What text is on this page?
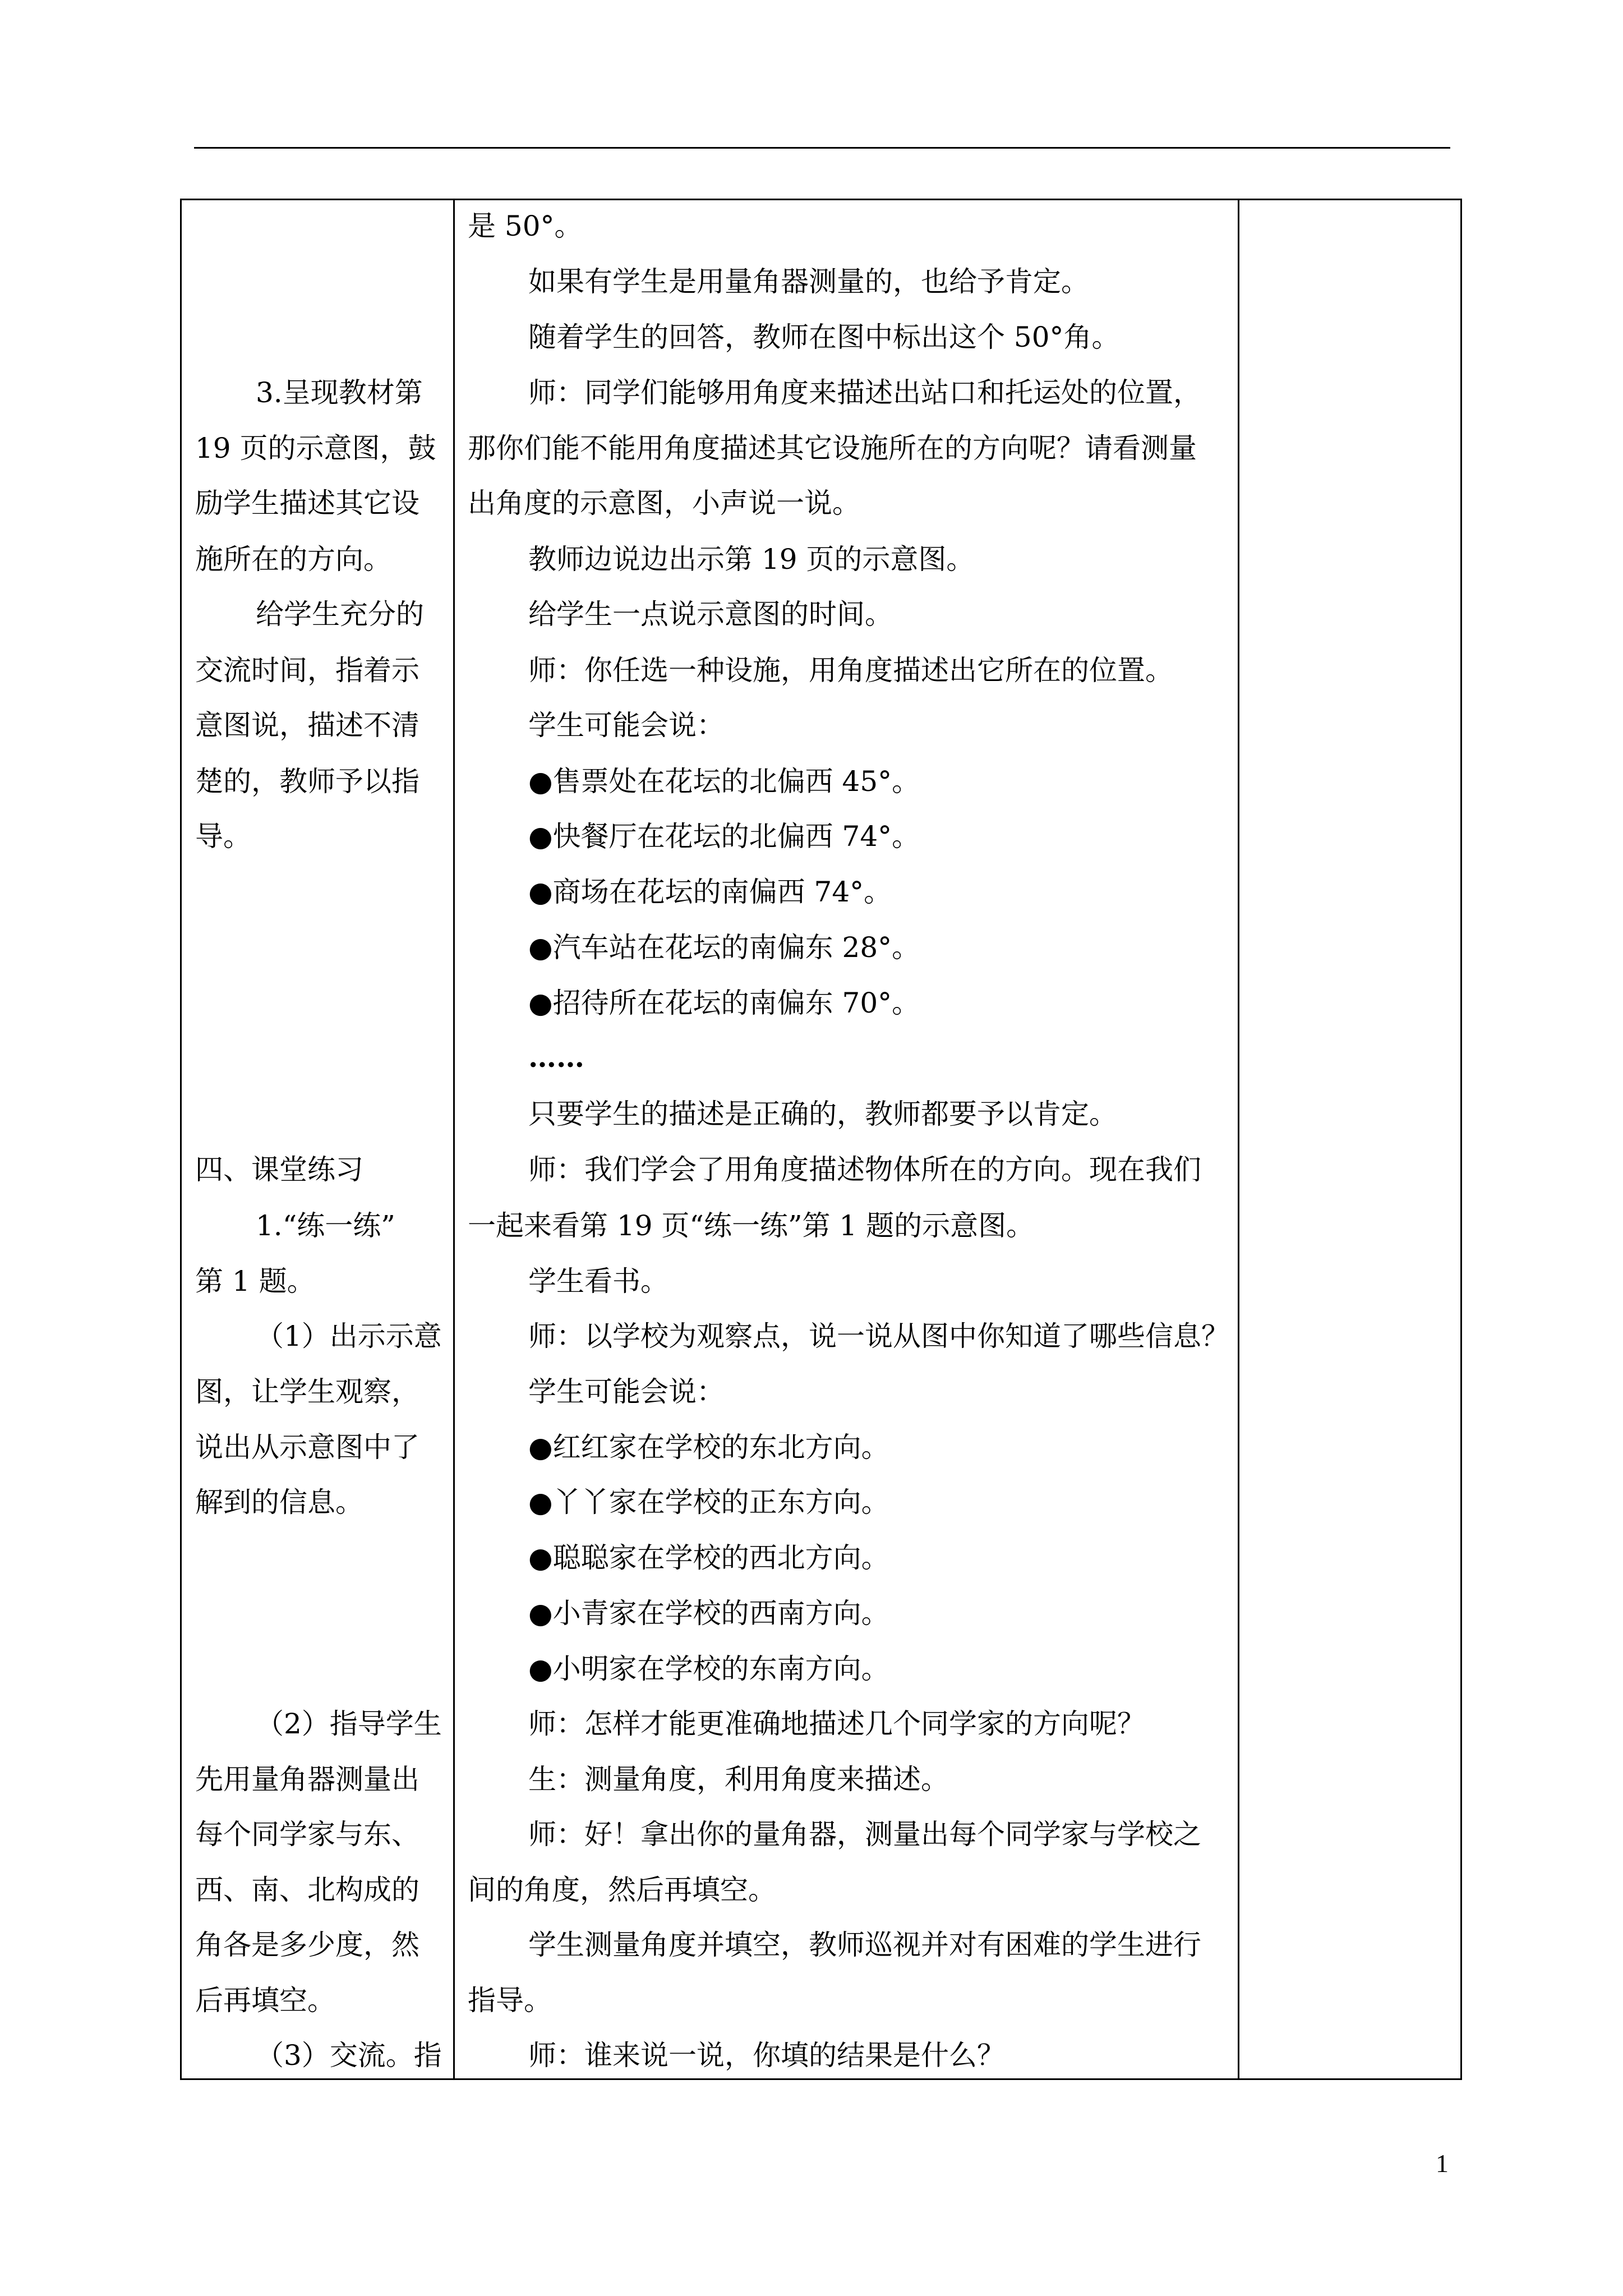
3.呈现教材第
19 页的示意图，鼓
励学生描述其它设
施所在的方向。
给学生充分的
交流时间，指着示
意图说，描述不清
楚的，教师予以指
导。
四、课堂练习
1.“练一练”
第 1 题。
（1）出示示意
图，让学生观察，
说出从示意图中了
解到的信息。
（2）指导学生
先用量角器测量出
每个同学家与东、
西、南、北构成的
角各是多少度，然
后再填空。
（3）交流。指
是 50°。
如果有学生是用量角器测量的，也给予肯定。
随着学生的回答，教师在图中标出这个 50°角。
师：同学们能够用角度来描述出站口和托运处的位置，
那你们能不能用角度描述其它设施所在的方向呢？请看测量
出角度的示意图，小声说一说。
教师边说边出示第 19 页的示意图。
给学生一点说示意图的时间。
师：你任选一种设施，用角度描述出它所在的位置。
学生可能会说：
●售票处在花坛的北偏西 45°。
●快餐厅在花坛的北偏西 74°。
●商场在花坛的南偏西 74°。
●汽车站在花坛的南偏东 28°。
●招待所在花坛的南偏东 70°。
……
只要学生的描述是正确的，教师都要予以肯定。
师：我们学会了用角度描述物体所在的方向。现在我们
一起来看第 19 页“练一练”第 1 题的示意图。
学生看书。
师：以学校为观察点，说一说从图中你知道了哪些信息？
学生可能会说：
●红红家在学校的东北方向。
●丫丫家在学校的正东方向。
●聪聪家在学校的西北方向。
●小青家在学校的西南方向。
●小明家在学校的东南方向。
师：怎样才能更准确地描述几个同学家的方向呢？
生：测量角度，利用角度来描述。
师：好！拿出你的量角器，测量出每个同学家与学校之
间的角度，然后再填空。
学生测量角度并填空，教师巡视并对有困难的学生进行
指导。
师：谁来说一说，你填的结果是什么？
1
